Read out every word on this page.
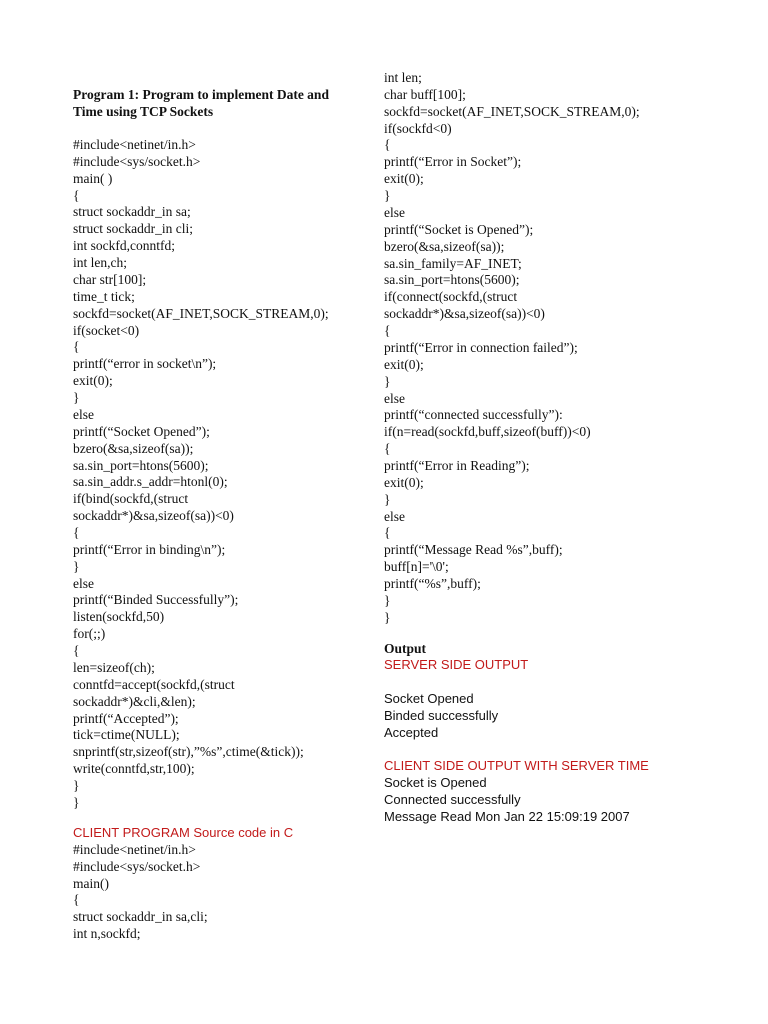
Program 1: Program to implement Date and
Time using TCP Sockets
#include<netinet/in.h>
#include<sys/socket.h>
main( )
{
struct sockaddr_in sa;
struct sockaddr_in cli;
int sockfd,conntfd;
int len,ch;
char str[100];
time_t tick;
sockfd=socket(AF_INET,SOCK_STREAM,0);
if(socket<0)
{
printf(“error in socket\n”);
exit(0);
}
else
printf(“Socket Opened”);
bzero(&sa,sizeof(sa));
sa.sin_port=htons(5600);
sa.sin_addr.s_addr=htonl(0);
if(bind(sockfd,(struct
sockaddr*)&sa,sizeof(sa))<0)
{
printf(“Error in binding\n”);
}
else
printf(“Binded Successfully”);
listen(sockfd,50)
for(;;)
{
len=sizeof(ch);
conntfd=accept(sockfd,(struct
sockaddr*)&cli,&len);
printf(“Accepted”);
tick=ctime(NULL);
snprintf(str,sizeof(str),”%s”,ctime(&tick));
write(conntfd,str,100);
}
}
CLIENT PROGRAM Source code in C
#include<netinet/in.h>
#include<sys/socket.h>
main()
{
struct sockaddr_in sa,cli;
int n,sockfd;
int len;
char buff[100];
sockfd=socket(AF_INET,SOCK_STREAM,0);
if(sockfd<0)
{
printf(“Error in Socket”);
exit(0);
}
else
printf(“Socket is Opened”);
bzero(&sa,sizeof(sa));
sa.sin_family=AF_INET;
sa.sin_port=htons(5600);
if(connect(sockfd,(struct
sockaddr*)&sa,sizeof(sa))<0)
{
printf(“Error in connection failed”);
exit(0);
}
else
printf(“connected successfully”):
if(n=read(sockfd,buff,sizeof(buff))<0)
{
printf(“Error in Reading”);
exit(0);
}
else
{
printf(“Message Read %s”,buff);
buff[n]='\0';
printf(“%s”,buff);
}
}
Output
SERVER SIDE OUTPUT
Socket Opened
Binded successfully
Accepted
CLIENT SIDE OUTPUT WITH SERVER TIME
Socket is Opened
Connected successfully
Message Read Mon Jan 22 15:09:19 2007
